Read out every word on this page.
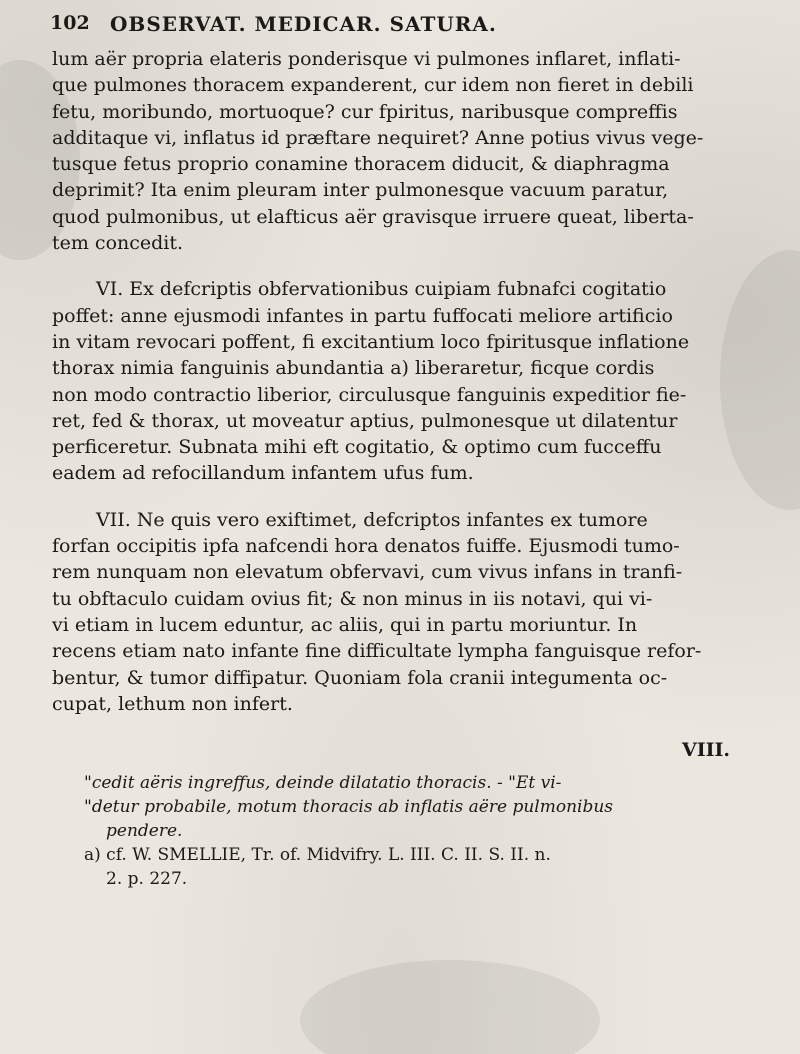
102 OBSERVAT. MEDICAR. SATURA.

lum aër propria elateris ponderisque vi pulmones inflaret, inflati-
que pulmones thoracem expanderent, cur idem non fieret in debili
fetu, moribundo, mortuoque? cur fpiritus, naribusque compreffis
additaque vi, inflatus id præftare nequiret? Anne potius vivus vege-
tusque fetus proprio conamine thoracem diducit, & diaphragma
deprimit? Ita enim pleuram inter pulmonesque vacuum paratur,
quod pulmonibus, ut elafticus aër gravisque irruere queat, liberta-
tem concedit.

VI. Ex defcriptis obfervationibus cuipiam fubnafci cogitatio
poffet: anne ejusmodi infantes in partu fuffocati meliore artificio
in vitam revocari poffent, fi excitantium loco fpiritusque inflatione
thorax nimia fanguinis abundantia a) liberaretur, ficque cordis
non modo contractio liberior, circulusque fanguinis expeditior fie-
ret, fed & thorax, ut moveatur aptius, pulmonesque ut dilatentur
perficeretur. Subnata mihi eft cogitatio, & optimo cum fucceffu
eadem ad refocillandum infantem ufus fum.

VII. Ne quis vero exiftimet, defcriptos infantes ex tumore
forfan occipitis ipfa nafcendi hora denatos fuiffe. Ejusmodi tumo-
rem nunquam non elevatum obfervavi, cum vivus infans in tranfi-
tu obftaculo cuidam ovius fit; & non minus in iis notavi, qui vi-
vi etiam in lucem eduntur, ac aliis, qui in partu moriuntur. In
recens etiam nato infante fine difficultate lympha fanguisque refor-
bentur, & tumor diffipatur. Quoniam fola cranii integumenta oc-
cupat, lethum non infert.

VIII.

"cedit aëris ingreffus, deinde dilatatio thoracis. - "Et vi-
"detur probabile, motum thoracis ab inflatis aëre pulmonibus
pendere.
a) cf. W. SMELLIE, Tr. of. Midvifry. L. III. C. II. S. II. n.
2. p. 227.
